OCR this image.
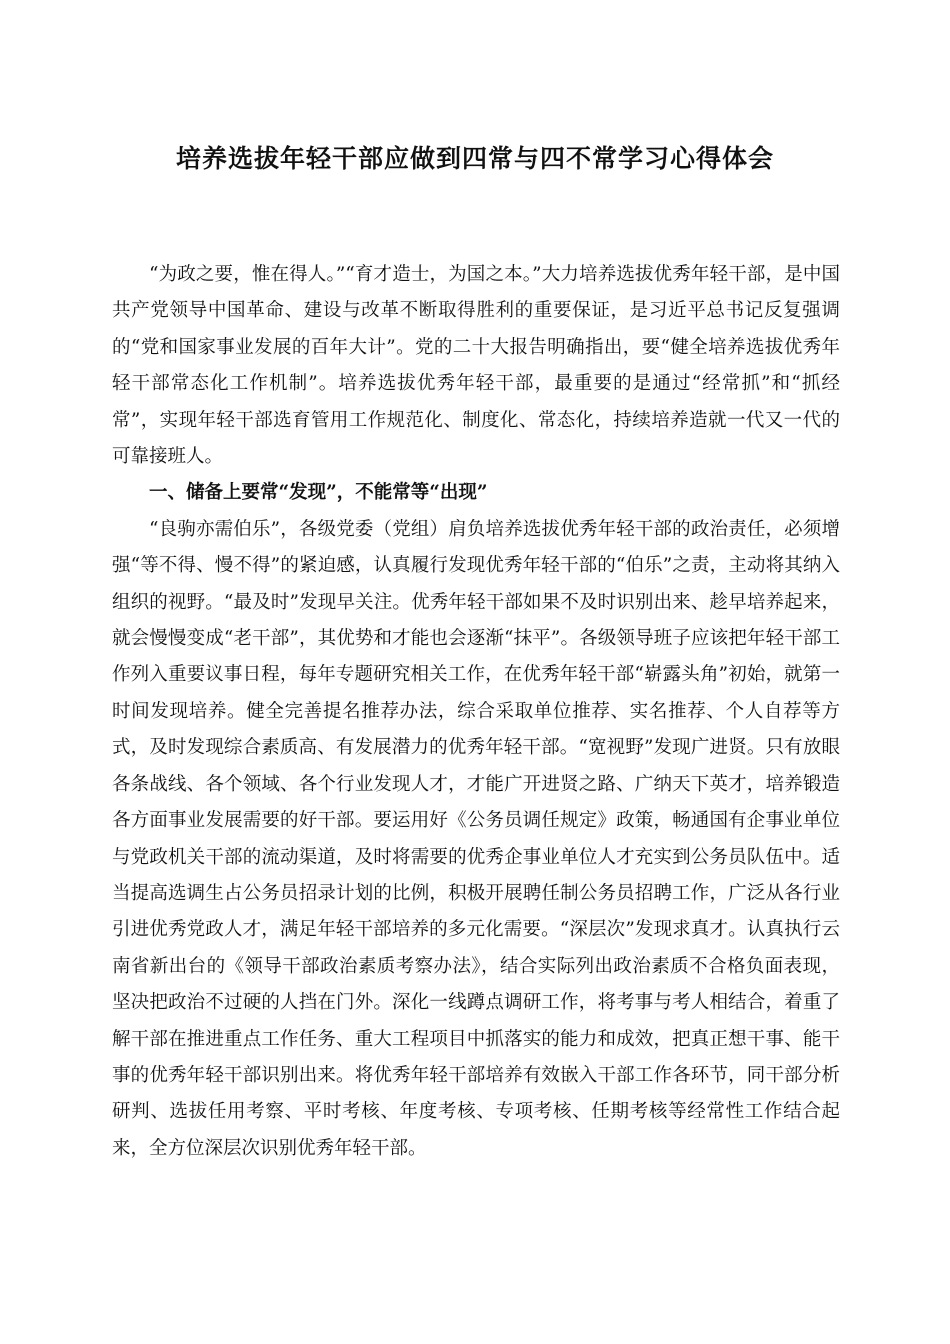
培养选拔年轻干部应做到四常与四不常学习心得体会

“为政之要，惟在得人。”“育才造士，为国之本。”大力培养选拔优秀年轻干部，是中国共产党领导中国革命、建设与改革不断取得胜利的重要保证，是习近平总书记反复强调的“党和国家事业发展的百年大计”。党的二十大报告明确指出，要“健全培养选拔优秀年轻干部常态化工作机制”。培养选拔优秀年轻干部，最重要的是通过“经常抓”和“抓经常”，实现年轻干部选育管用工作规范化、制度化、常态化，持续培养造就一代又一代的可靠接班人。

一、储备上要常“发现”，不能常等“出现”

“良驹亦需伯乐”，各级党委（党组）肩负培养选拔优秀年轻干部的政治责任，必须增强“等不得、慢不得”的紧迫感，认真履行发现优秀年轻干部的“伯乐”之责，主动将其纳入组织的视野。“最及时”发现早关注。优秀年轻干部如果不及时识别出来、趁早培养起来，就会慢慢变成“老干部”，其优势和才能也会逐渐“抹平”。各级领导班子应该把年轻干部工作列入重要议事日程，每年专题研究相关工作，在优秀年轻干部“崭露头角”初始，就第一时间发现培养。健全完善提名推荐办法，综合采取单位推荐、实名推荐、个人自荐等方式，及时发现综合素质高、有发展潜力的优秀年轻干部。“宽视野”发现广进贤。只有放眼各条战线、各个领域、各个行业发现人才，才能广开进贤之路、广纳天下英才，培养锻造各方面事业发展需要的好干部。要运用好《公务员调任规定》政策，畅通国有企事业单位与党政机关干部的流动渠道，及时将需要的优秀企事业单位人才充实到公务员队伍中。适当提高选调生占公务员招录计划的比例，积极开展聘任制公务员招聘工作，广泛从各行业引进优秀党政人才，满足年轻干部培养的多元化需要。“深层次”发现求真才。认真执行云南省新出台的《领导干部政治素质考察办法》，结合实际列出政治素质不合格负面表现，坚决把政治不过硬的人挡在门外。深化一线蹲点调研工作，将考事与考人相结合，着重了解干部在推进重点工作任务、重大工程项目中抓落实的能力和成效，把真正想干事、能干事的优秀年轻干部识别出来。将优秀年轻干部培养有效嵌入干部工作各环节，同干部分析研判、选拔任用考察、平时考核、年度考核、专项考核、任期考核等经常性工作结合起来，全方位深层次识别优秀年轻干部。
